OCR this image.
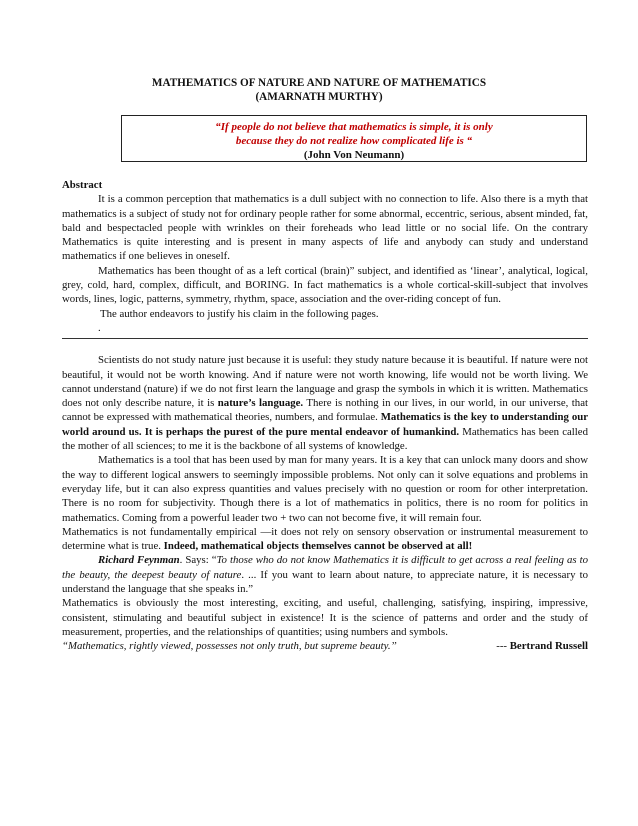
MATHEMATICS OF NATURE AND NATURE OF MATHEMATICS
(AMARNATH MURTHY)
“If people do not believe that mathematics is simple, it is only
because they do not realize how complicated life is “
(John Von Neumann)

Abstract

It is a common perception that mathematics is a dull subject with no connection to life. Also there is a myth that mathematics is a subject of study not for ordinary people rather for some abnormal, eccentric, serious, absent minded, fat, bald and bespectacled people with wrinkles on their foreheads who lead little or no social life. On the contrary Mathematics is quite interesting and is present in many aspects of life and anybody can study and understand mathematics if one believes in oneself.

Mathematics has been thought of as a left cortical (brain)” subject, and identified as ‘linear’, analytical, logical, grey, cold, hard, complex, difficult, and BORING. In fact mathematics is a whole cortical-skill-subject that involves words, lines, logic, patterns, symmetry, rhythm, space, association and the over-riding concept of fun.

The author endeavors to justify his claim in the following pages.

.

Scientists do not study nature just because it is useful: they study nature because it is beautiful. If nature were not beautiful, it would not be worth knowing. And if nature were not worth knowing, life would not be worth living. We cannot understand (nature) if we do not first learn the language and grasp the symbols in which it is written. Mathematics does not only describe nature, it is nature’s language. There is nothing in our lives, in our world, in our universe, that cannot be expressed with mathematical theories, numbers, and formulae. Mathematics is the key to understanding our world around us. It is perhaps the purest of the pure mental endeavor of humankind. Mathematics has been called the mother of all sciences; to me it is the backbone of all systems of knowledge.

Mathematics is a tool that has been used by man for many years. It is a key that can unlock many doors and show the way to different logical answers to seemingly impossible problems. Not only can it solve equations and problems in everyday life, but it can also express quantities and values precisely with no question or room for other interpretation. There is no room for subjectivity. Though there is a lot of mathematics in politics, there is no room for politics in mathematics. Coming from a powerful leader two + two can not become five, it will remain four.

Mathematics is not fundamentally empirical —it does not rely on sensory observation or instrumental measurement to determine what is true. Indeed, mathematical objects themselves cannot be observed at all!

Richard Feynman. Says: “To those who do not know Mathematics it is difficult to get across a real feeling as to the beauty, the deepest beauty of nature. ... If you want to learn about nature, to appreciate nature, it is necessary to understand the language that she speaks in.”

Mathematics is obviously the most interesting, exciting, and useful, challenging, satisfying, inspiring, impressive, consistent, stimulating and beautiful subject in existence! It is the science of patterns and order and the study of measurement, properties, and the relationships of quantities; using numbers and symbols.

“Mathematics, rightly viewed, possesses not only truth, but supreme beauty.’’	--- Bertrand Russell
